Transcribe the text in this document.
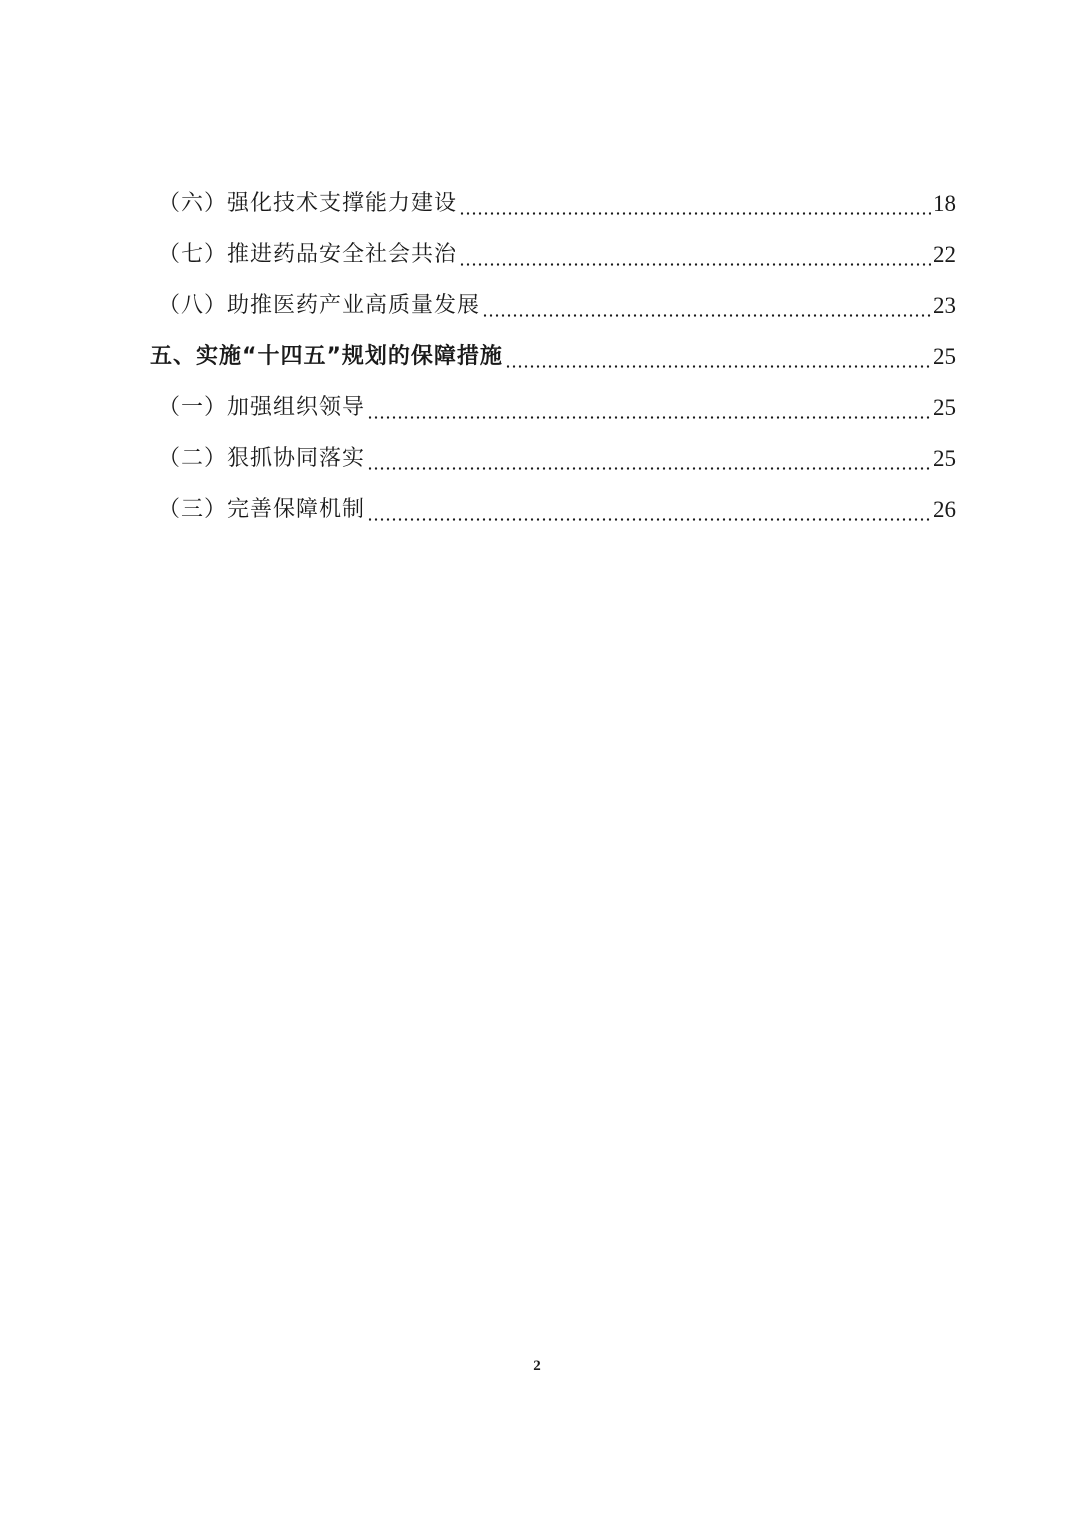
（六）强化技术支撑能力建设	18
（七）推进药品安全社会共治	22
（八）助推医药产业高质量发展	23
五、实施“十四五”规划的保障措施	25
（一）加强组织领导	25
（二）狠抓协同落实	25
（三）完善保障机制	26
2
